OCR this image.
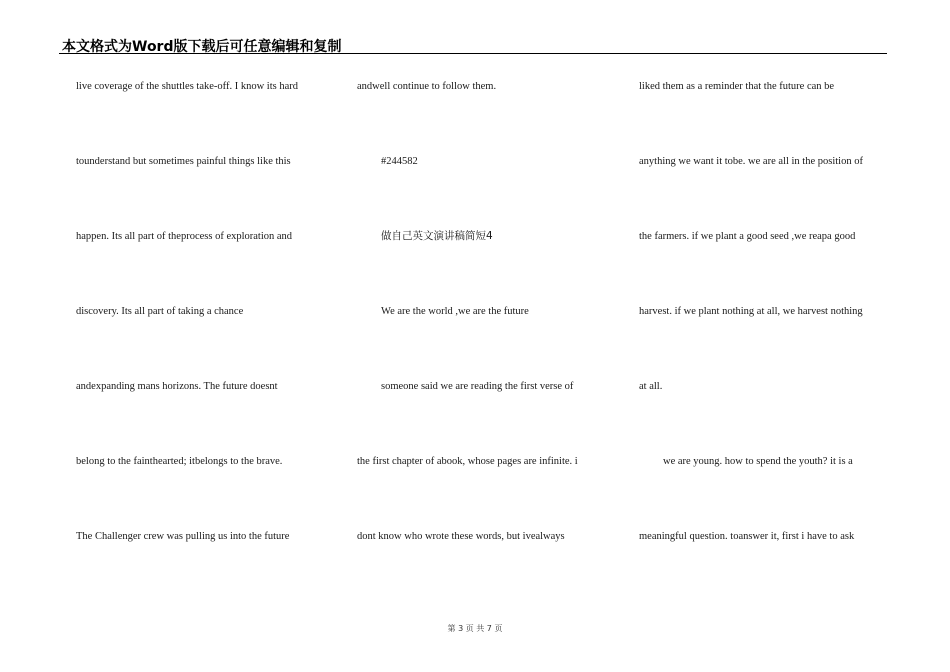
本文格式为Word版下载后可任意编辑和复制
live coverage of the shuttles take-off. I know its hard
tounderstand but sometimes painful things like this
happen. Its all part of theprocess of exploration and
discovery. Its all part of taking a chance
andexpanding mans horizons. The future doesnt
belong to the fainthearted; itbelongs to the brave.
The Challenger crew was pulling us into the future
andwell continue to follow them.
#244582
做自己英文演讲稿简短4
We are the world ,we are the future
someone said we are reading the first verse of
the first chapter of abook, whose pages are infinite. i
dont know who wrote these words, but ivealways
liked them as a reminder that the future can be
anything we want it tobe. we are all in the position of
the farmers. if we plant a good seed ,we reapa good
harvest. if we plant nothing at all, we harvest nothing
at all.
we are young. how to spend the youth? it is a
meaningful question. toanswer it, first i have to ask
第 3 页 共 7 页
